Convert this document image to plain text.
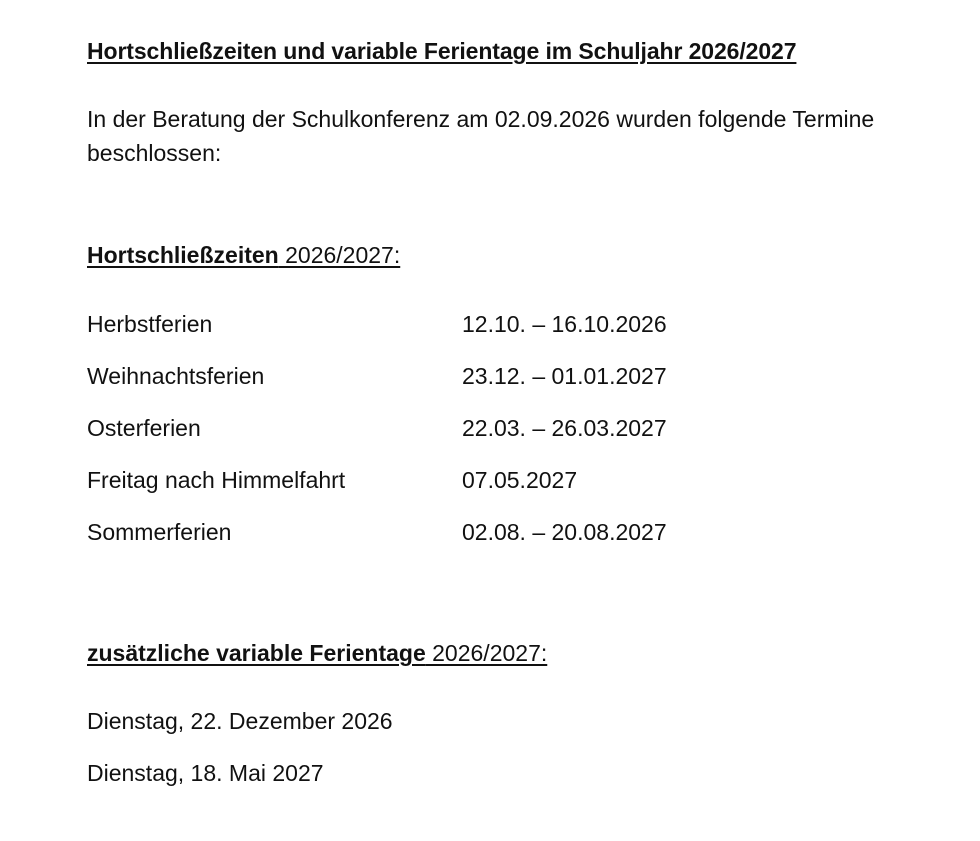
Hortschließzeiten und variable Ferientage im Schuljahr 2026/2027
In der Beratung der Schulkonferenz am 02.09.2026 wurden folgende Termine beschlossen:
Hortschließzeiten 2026/2027:
Herbstferien	12.10. – 16.10.2026
Weihnachtsferien	23.12. – 01.01.2027
Osterferien	22.03. – 26.03.2027
Freitag nach Himmelfahrt	07.05.2027
Sommerferien	02.08. – 20.08.2027
zusätzliche variable Ferientage 2026/2027:
Dienstag, 22. Dezember 2026
Dienstag, 18. Mai 2027
